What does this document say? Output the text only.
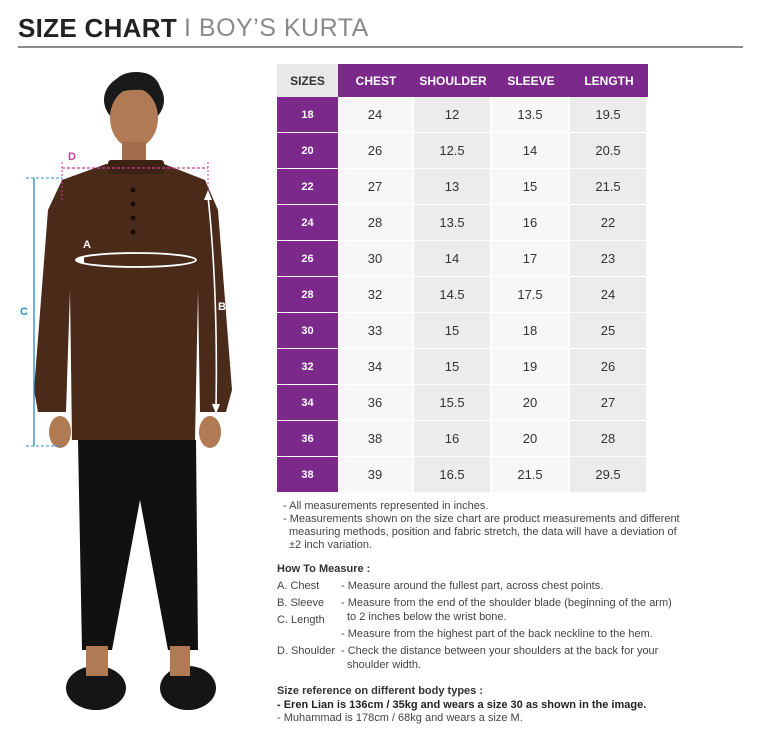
SIZE CHART I BOY’S KURTA
D
C
A
B
SIZES	CHEST	SHOULDER	SLEEVE	LENGTH
18	24	12	13.5	19.5
20	26	12.5	14	20.5
22	27	13	15	21.5
24	28	13.5	16	22
26	30	14	17	23
28	32	14.5	17.5	24
30	33	15	18	25
32	34	15	19	26
34	36	15.5	20	27
36	38	16	20	28
38	39	16.5	21.5	29.5

- All measurements represented in inches.

- Measurements shown on the size chart are product measurements and different

measuring methods, position and fabric stretch, the data will have a deviation of

±2 inch variation.

How To Measure :
A. Chest - Measure around the fullest part, across chest points.
B. Sleeve - Measure from the end of the shoulder blade (beginning of the arm)
to 2 inches below the wrist bone.
C. Length
- Measure from the highest part of the back neckline to the hem.
D. Shoulder - Check the distance between your shoulders at the back for your
shoulder width.
Size reference on different body types :
- Eren Lian is 136cm / 35kg and wears a size 30 as shown in the image.
- Muhammad is 178cm / 68kg and wears a size M.
